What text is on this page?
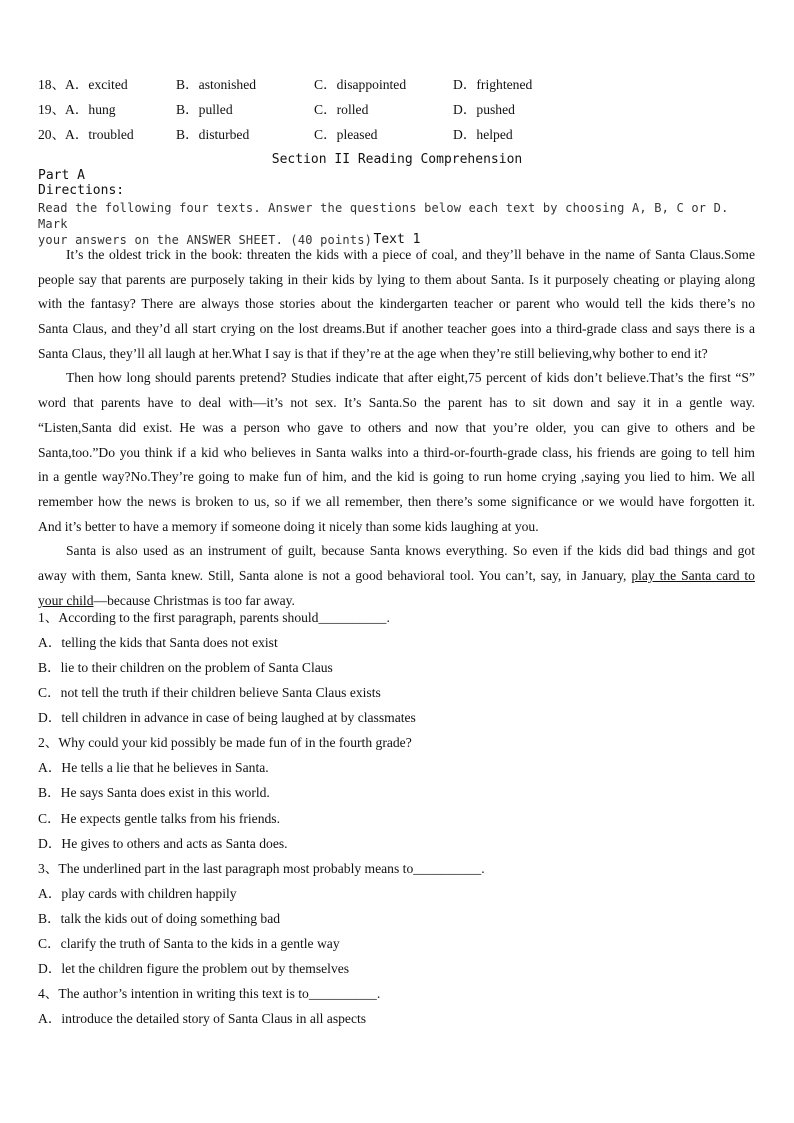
18、 A．excited	B．astonished	C．disappointed	D．frightened
19、 A．hung	B．pulled	C．rolled	D．pushed
20、 A．troubled	B．disturbed	C．pleased	D．helped
Section II Reading Comprehension
Part A
Directions:
Read the following four texts. Answer the questions below each text by choosing A, B, C or D. Mark
your answers on the ANSWER SHEET. (40 points) Text 1
It’s the oldest trick in the book: threaten the kids with a piece of coal, and they’ll behave in the name of Santa Claus.Some
people say that parents are purposely taking in their kids by lying to them about Santa. Is it purposely cheating or playing along
with the fantasy? There are always those stories about the kindergarten teacher or parent who would tell the kids there’s no
Santa Claus, and they’d all start crying on the lost dreams.But if another teacher goes into a third-grade class and says there is a
Santa Claus, they’ll all laugh at her.What I say is that if they’re at the age when they’re still believing,why bother to end it?
Then how long should parents pretend? Studies indicate that after eight,75 percent of kids don’t believe.That’s the first “S”
word that parents have to deal with—it’s not sex. It’s Santa.So the parent has to sit down and say it in a gentle way.
“Listen,Santa did exist. He was a person who gave to others and now that you’re older, you can give to others and be
Santa,too.”Do you think if a kid who believes in Santa walks into a third-or-fourth-grade class, his friends are going to tell him
in a gentle way?No.They’re going to make fun of him, and the kid is going to run home crying ,saying you lied to him. We all
remember how the news is broken to us, so if we all remember, then there’s some significance or we would have forgotten it.
And it’s better to have a memory if someone doing it nicely than some kids laughing at you.
Santa is also used as an instrument of guilt, because Santa knows everything. So even if the kids did bad things and got
away with them, Santa knew. Still, Santa alone is not a good behavioral tool. You can’t, say, in January, play the Santa card to
your child—because Christmas is too far away.
1、According to the first paragraph, parents should__________.
A．telling the kids that Santa does not exist
B．lie to their children on the problem of Santa Claus
C．not tell the truth if their children believe Santa Claus exists
D．tell children in advance in case of being laughed at by classmates
2、Why could your kid possibly be made fun of in the fourth grade?
A．He tells a lie that he believes in Santa.
B．He says Santa does exist in this world.
C．He expects gentle talks from his friends.
D．He gives to others and acts as Santa does.
3、The underlined part in the last paragraph most probably means to__________.
A．play cards with children happily
B．talk the kids out of doing something bad
C．clarify the truth of Santa to the kids in a gentle way
D．let the children figure the problem out by themselves
4、The author’s intention in writing this text is to__________.
A．introduce the detailed story of Santa Claus in all aspects
